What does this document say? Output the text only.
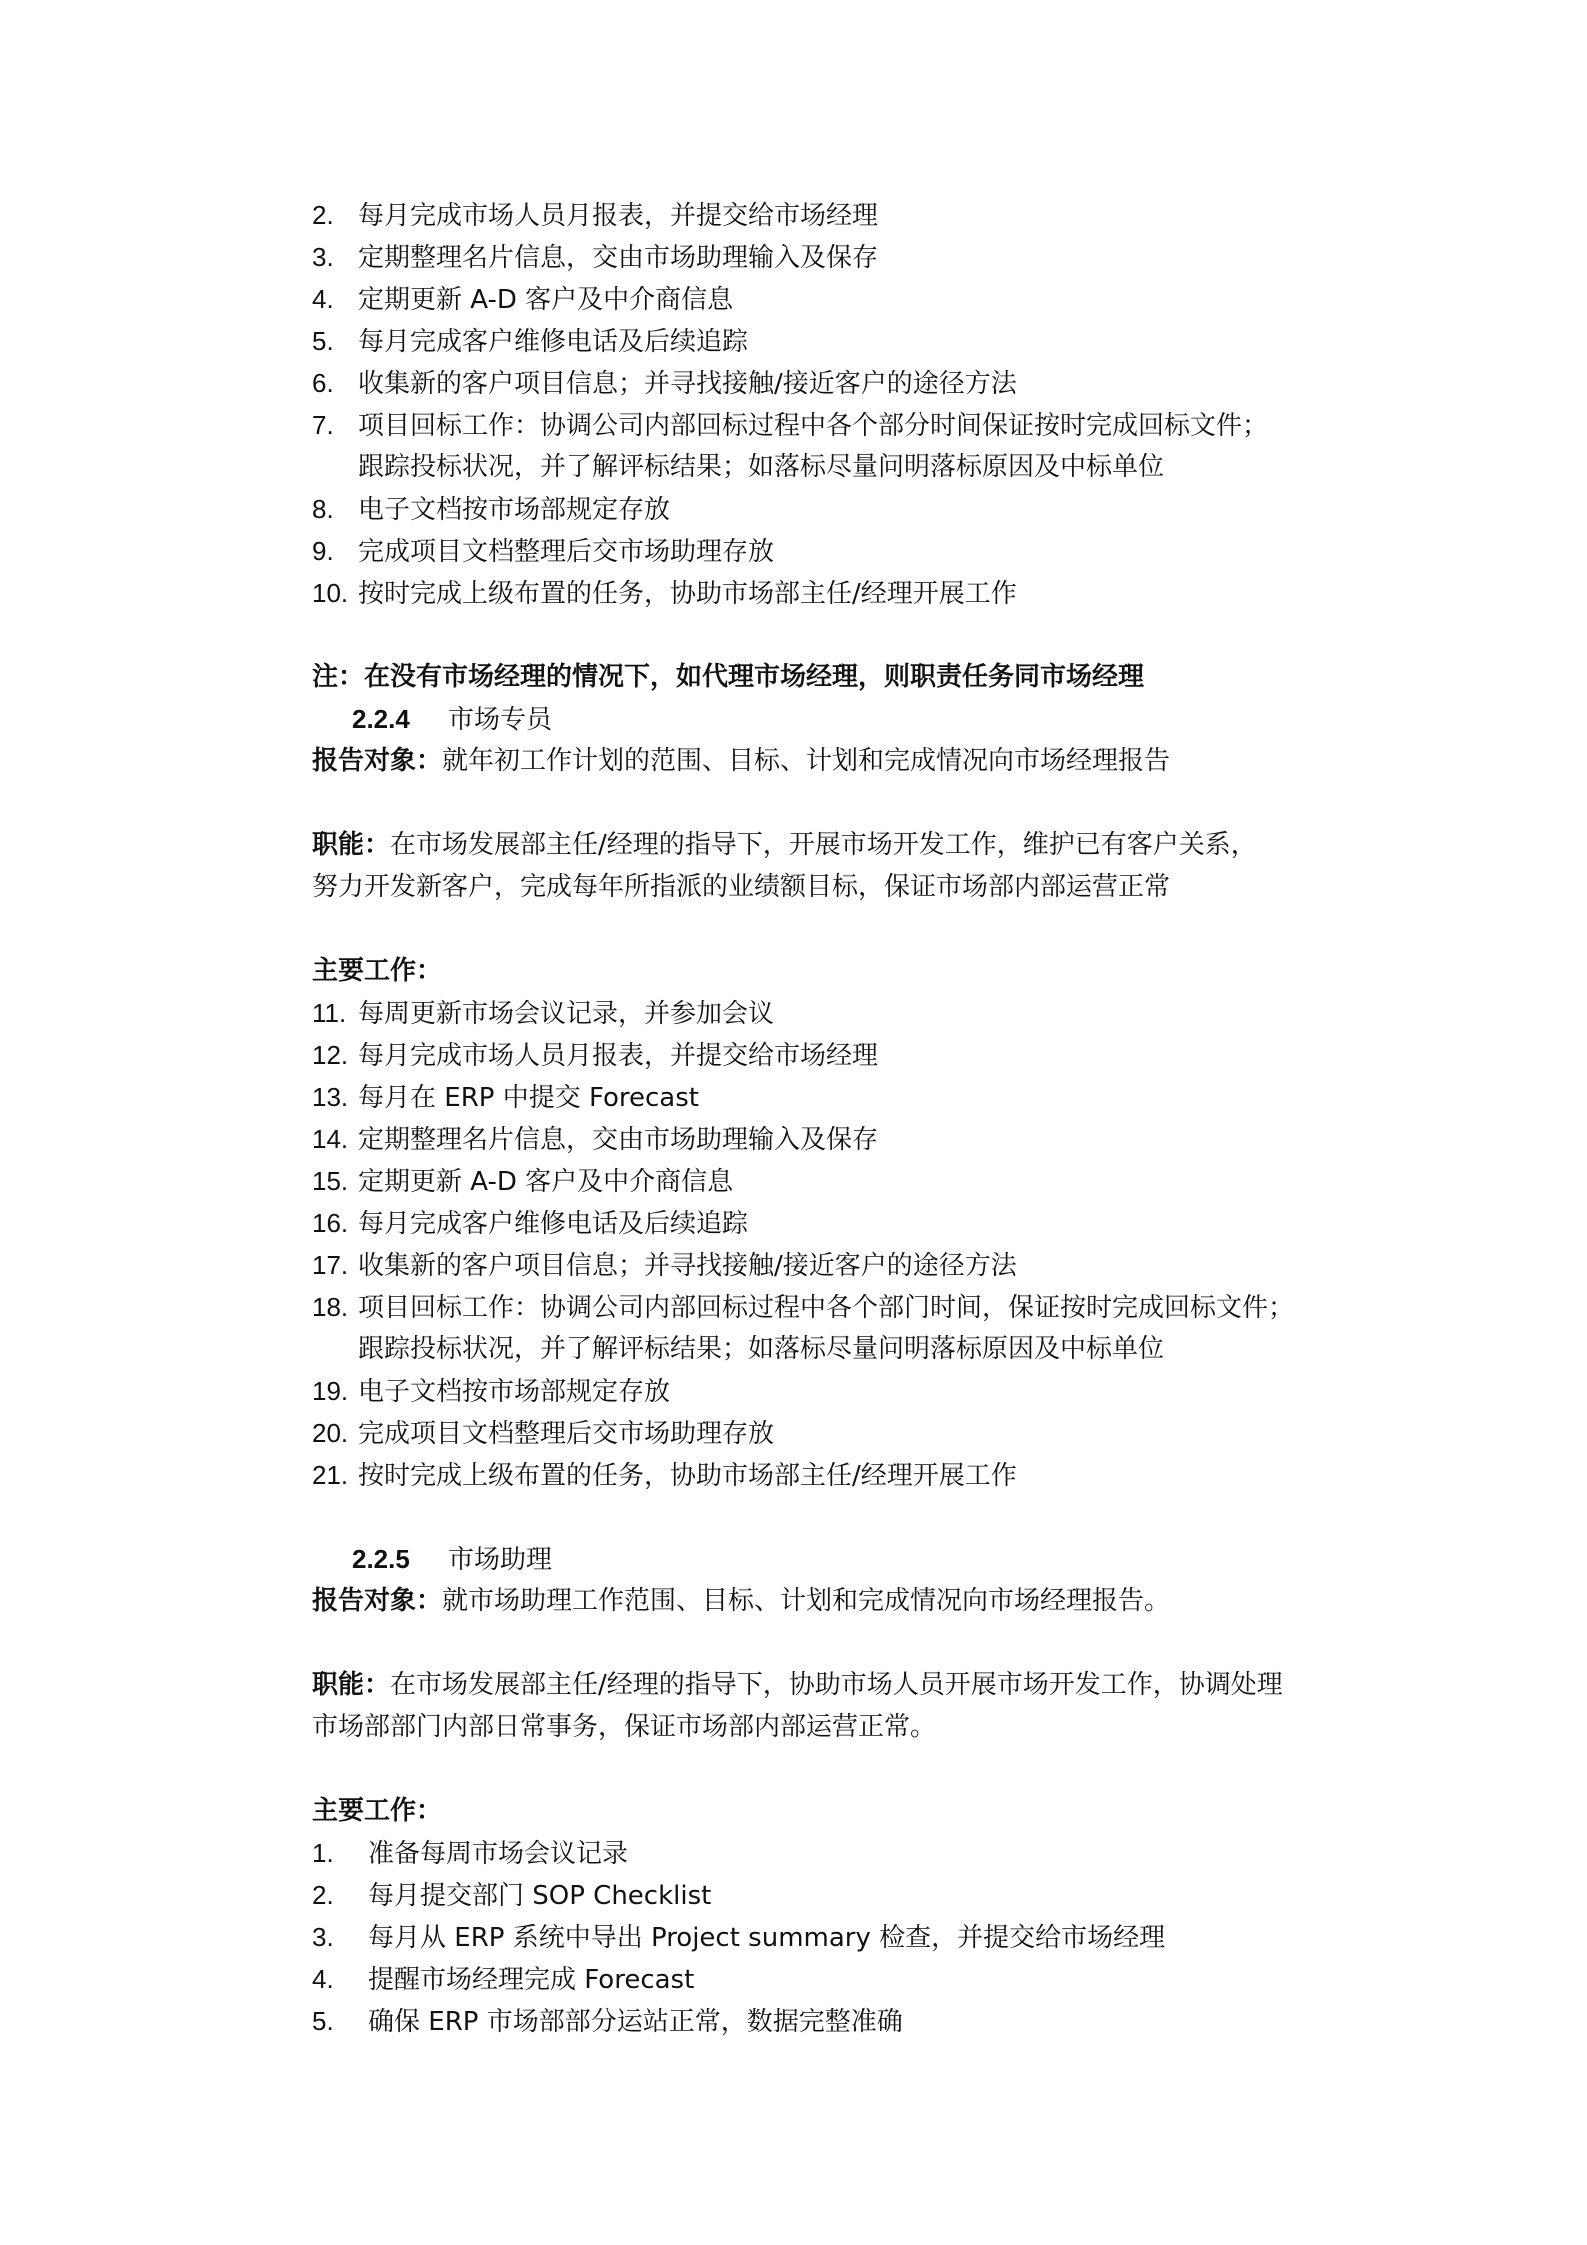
2. 每月完成市场人员月报表，并提交给市场经理
3. 定期整理名片信息，交由市场助理输入及保存
4. 定期更新 A-D 客户及中介商信息
5. 每月完成客户维修电话及后续追踪
6. 收集新的客户项目信息；并寻找接触/接近客户的途径方法
7. 项目回标工作：协调公司内部回标过程中各个部分时间保证按时完成回标文件；
跟踪投标状况，并了解评标结果；如落标尽量问明落标原因及中标单位
8. 电子文档按市场部规定存放
9. 完成项目文档整理后交市场助理存放
10. 按时完成上级布置的任务，协助市场部主任/经理开展工作
注：在没有市场经理的情况下，如代理市场经理，则职责任务同市场经理
2.2.4 市场专员
报告对象：就年初工作计划的范围、目标、计划和完成情况向市场经理报告
职能：在市场发展部主任/经理的指导下，开展市场开发工作，维护已有客户关系，
努力开发新客户，完成每年所指派的业绩额目标，保证市场部内部运营正常
主要工作：
11. 每周更新市场会议记录，并参加会议
12. 每月完成市场人员月报表，并提交给市场经理
13. 每月在 ERP 中提交 Forecast
14. 定期整理名片信息，交由市场助理输入及保存
15. 定期更新 A-D 客户及中介商信息
16. 每月完成客户维修电话及后续追踪
17. 收集新的客户项目信息；并寻找接触/接近客户的途径方法
18. 项目回标工作：协调公司内部回标过程中各个部门时间，保证按时完成回标文件；
跟踪投标状况，并了解评标结果；如落标尽量问明落标原因及中标单位
19. 电子文档按市场部规定存放
20. 完成项目文档整理后交市场助理存放
21. 按时完成上级布置的任务，协助市场部主任/经理开展工作
2.2.5 市场助理
报告对象：就市场助理工作范围、目标、计划和完成情况向市场经理报告。
职能：在市场发展部主任/经理的指导下，协助市场人员开展市场开发工作，协调处理
市场部部门内部日常事务，保证市场部内部运营正常。
主要工作：
1. 准备每周市场会议记录
2. 每月提交部门 SOP Checklist
3. 每月从 ERP 系统中导出 Project summary 检查，并提交给市场经理
4. 提醒市场经理完成 Forecast
5. 确保 ERP 市场部部分运站正常，数据完整准确
